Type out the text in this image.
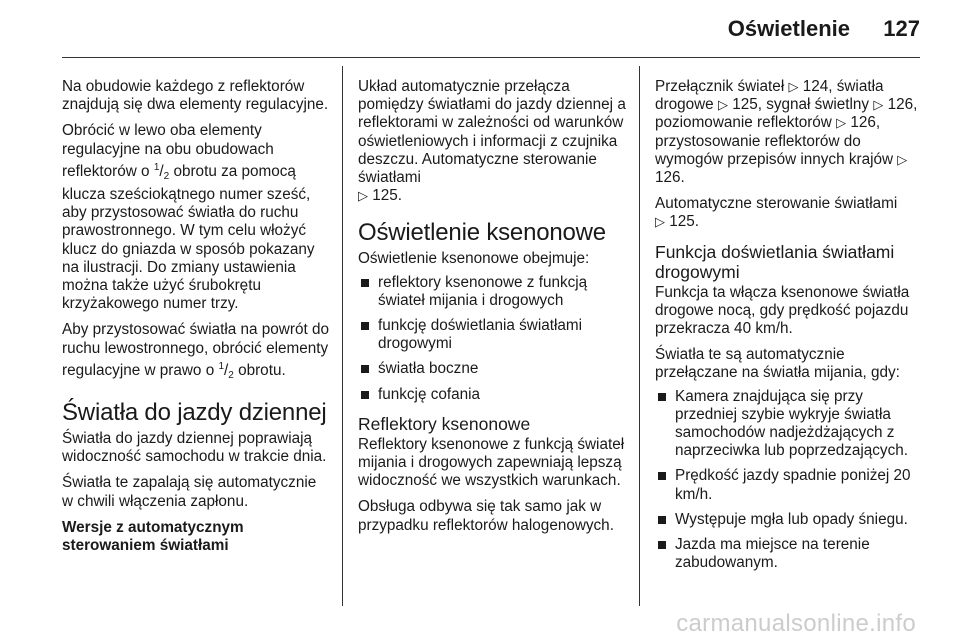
Oświetlenie 127

Na obudowie każdego z reflektorów znajdują się dwa elementy regulacyjne.

Obrócić w lewo oba elementy regulacyjne na obu obudowach reflektorów o $^1/_2$ obrotu za pomocą klucza sześciokątnego numer sześć, aby przystosować światła do ruchu prawostronnego. W tym celu włożyć klucz do gniazda w sposób pokazany na ilustracji. Do zmiany ustawienia można także użyć śrubokrętu krzyżakowego numer trzy.

Aby przystosować światła na powrót do ruchu lewostronnego, obrócić elementy regulacyjne w prawo o $^1/_2$ obrotu.

Światła do jazdy dziennej

Światła do jazdy dziennej poprawiają widoczność samochodu w trakcie dnia.

Światła te zapalają się automatycznie w chwili włączenia zapłonu.

Wersje z automatycznym sterowaniem światłami

Układ automatycznie przełącza pomiędzy światłami do jazdy dziennej a reflektorami w zależności od warunków oświetleniowych i informacji z czujnika deszczu. Automatyczne sterowanie światłami
▷ 125.

Oświetlenie ksenonowe

Oświetlenie ksenonowe obejmuje:

reflektory ksenonowe z funkcją świateł mijania i drogowych
funkcję doświetlania światłami drogowymi
światła boczne
funkcję cofania
Reflektory ksenonowe

Reflektory ksenonowe z funkcją świateł mijania i drogowych zapewniają lepszą widoczność we wszystkich warunkach.

Obsługa odbywa się tak samo jak w przypadku reflektorów halogenowych.

Przełącznik świateł ▷ 124, światła drogowe ▷ 125, sygnał świetlny ▷ 126, poziomowanie reflektorów ▷ 126, przystosowanie reflektorów do wymogów przepisów innych krajów ▷ 126.

Automatyczne sterowanie światłami
▷ 125.

Funkcja doświetlania światłami drogowymi

Funkcja ta włącza ksenonowe światła drogowe nocą, gdy prędkość pojazdu przekracza 40 km/h.

Światła te są automatycznie przełączane na światła mijania, gdy:

Kamera znajdująca się przy przedniej szybie wykryje światła samochodów nadjeżdżających z naprzeciwka lub poprzedzających.
Prędkość jazdy spadnie poniżej 20 km/h.
Występuje mgła lub opady śniegu.
Jazda ma miejsce na terenie zabudowanym.
carmanualsonline.info
